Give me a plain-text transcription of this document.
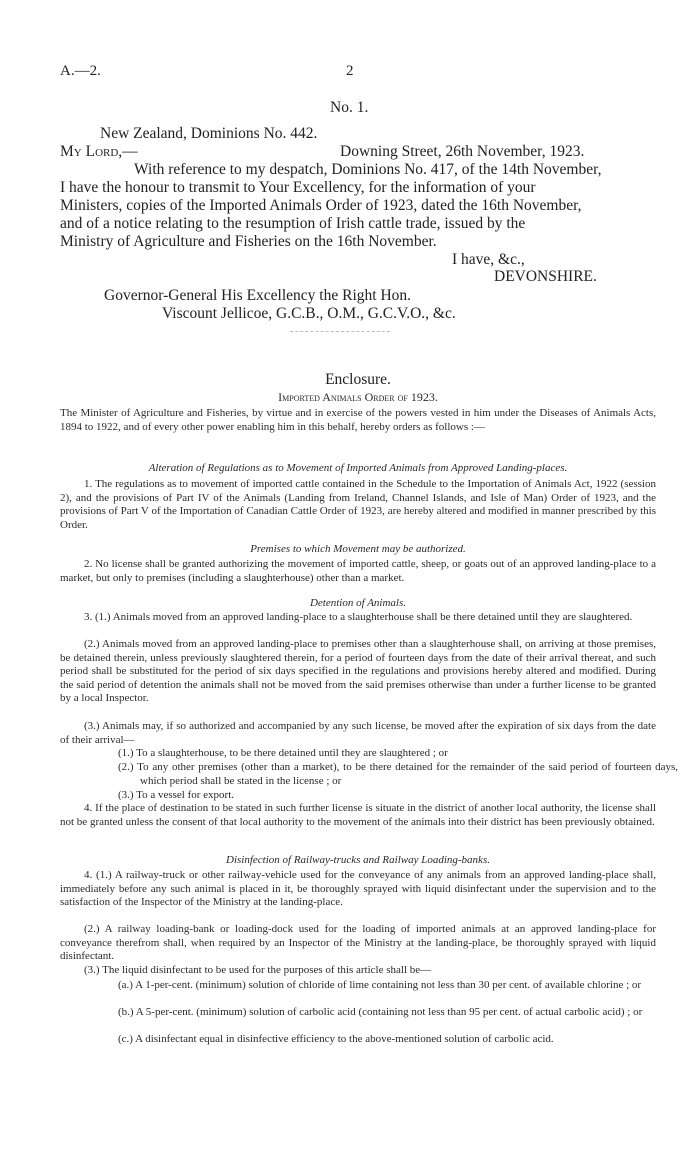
A.—2.	2
No. 1.
New Zealand, Dominions No. 442.
My Lord,—	Downing Street, 26th November, 1923.
With reference to my despatch, Dominions No. 417, of the 14th November,
I have the honour to transmit to Your Excellency, for the information of your
Ministers, copies of the Imported Animals Order of 1923, dated the 16th November,
and of a notice relating to the resumption of Irish cattle trade, issued by the
Ministry of Agriculture and Fisheries on the 16th November.
I have, &c.,
DEVONSHIRE.
Governor-General His Excellency the Right Hon.
Viscount Jellicoe, G.C.B., O.M., G.C.V.O., &c.
Enclosure.
Imported Animals Order of 1923.
The Minister of Agriculture and Fisheries, by virtue and in exercise of the powers vested in him under the Diseases of Animals Acts, 1894 to 1922, and of every other power enabling him in this behalf, hereby orders as follows :—
Alteration of Regulations as to Movement of Imported Animals from Approved Landing-places.
1. The regulations as to movement of imported cattle contained in the Schedule to the Importation of Animals Act, 1922 (session 2), and the provisions of Part IV of the Animals (Landing from Ireland, Channel Islands, and Isle of Man) Order of 1923, and the provisions of Part V of the Importation of Canadian Cattle Order of 1923, are hereby altered and modified in manner prescribed by this Order.
Premises to which Movement may be authorized.
2. No license shall be granted authorizing the movement of imported cattle, sheep, or goats out of an approved landing-place to a market, but only to premises (including a slaughterhouse) other than a market.
Detention of Animals.
3. (1.) Animals moved from an approved landing-place to a slaughterhouse shall be there detained until they are slaughtered.
(2.) Animals moved from an approved landing-place to premises other than a slaughterhouse shall, on arriving at those premises, be detained therein, unless previously slaughtered therein, for a period of fourteen days from the date of their arrival thereat, and such period shall be substituted for the period of six days specified in the regulations and provisions hereby altered and modified. During the said period of detention the animals shall not be moved from the said premises otherwise than under a further license to be granted by a local Inspector.
(3.) Animals may, if so authorized and accompanied by any such license, be moved after the expiration of six days from the date of their arrival—
(1.) To a slaughterhouse, to be there detained until they are slaughtered ; or
(2.) To any other premises (other than a market), to be there detained for the remainder of the said period of fourteen days, which period shall be stated in the license ; or
(3.) To a vessel for export.
4. If the place of destination to be stated in such further license is situate in the district of another local authority, the license shall not be granted unless the consent of that local authority to the movement of the animals into their district has been previously obtained.
Disinfection of Railway-trucks and Railway Loading-banks.
4. (1.) A railway-truck or other railway-vehicle used for the conveyance of any animals from an approved landing-place shall, immediately before any such animal is placed in it, be thoroughly sprayed with liquid disinfectant under the supervision and to the satisfaction of the Inspector of the Ministry at the landing-place.
(2.) A railway loading-bank or loading-dock used for the loading of imported animals at an approved landing-place for conveyance therefrom shall, when required by an Inspector of the Ministry at the landing-place, be thoroughly sprayed with liquid disinfectant.
(3.) The liquid disinfectant to be used for the purposes of this article shall be—
(a.) A 1-per-cent. (minimum) solution of chloride of lime containing not less than 30 per cent. of available chlorine ; or
(b.) A 5-per-cent. (minimum) solution of carbolic acid (containing not less than 95 per cent. of actual carbolic acid) ; or
(c.) A disinfectant equal in disinfective efficiency to the above-mentioned solution of carbolic acid.
